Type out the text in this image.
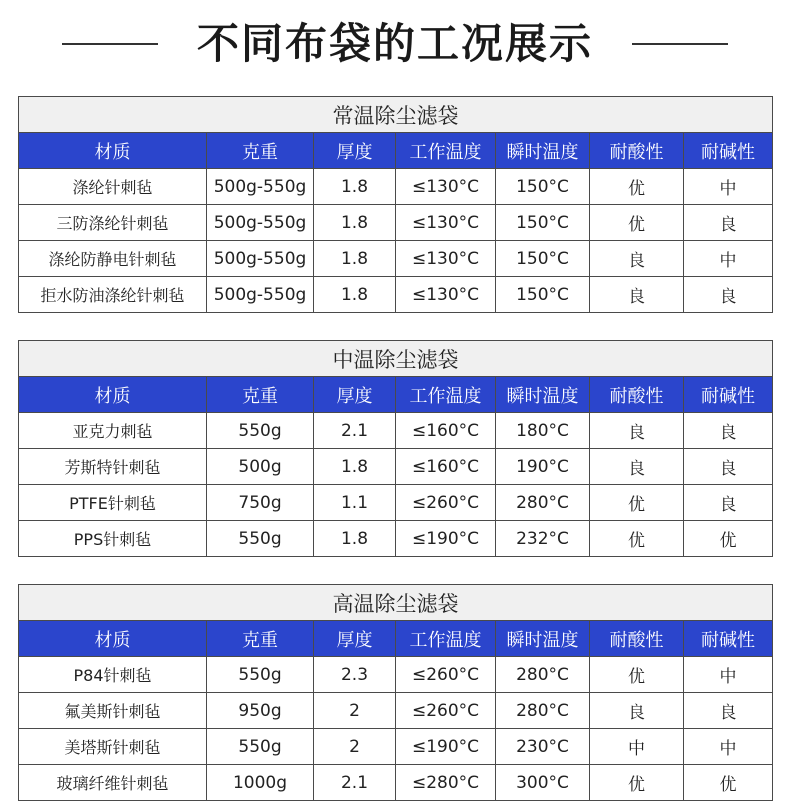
不同布袋的工况展示
常温除尘滤袋						
材质	克重	厚度	工作温度	瞬时温度	耐酸性	耐碱性
涤纶针刺毡	500g-550g	1.8	≤130°C	150°C	优	中
三防涤纶针刺毡	500g-550g	1.8	≤130°C	150°C	优	良
涤纶防静电针刺毡	500g-550g	1.8	≤130°C	150°C	良	中
拒水防油涤纶针刺毡	500g-550g	1.8	≤130°C	150°C	良	良
中温除尘滤袋						
材质	克重	厚度	工作温度	瞬时温度	耐酸性	耐碱性
亚克力刺毡	550g	2.1	≤160°C	180°C	良	良
芳斯特针刺毡	500g	1.8	≤160°C	190°C	良	良
PTFE针刺毡	750g	1.1	≤260°C	280°C	优	良
PPS针刺毡	550g	1.8	≤190°C	232°C	优	优
高温除尘滤袋						
材质	克重	厚度	工作温度	瞬时温度	耐酸性	耐碱性
P84针刺毡	550g	2.3	≤260°C	280°C	优	中
氟美斯针刺毡	950g	2	≤260°C	280°C	良	良
美塔斯针刺毡	550g	2	≤190°C	230°C	中	中
玻璃纤维针刺毡	1000g	2.1	≤280°C	300°C	优	优
